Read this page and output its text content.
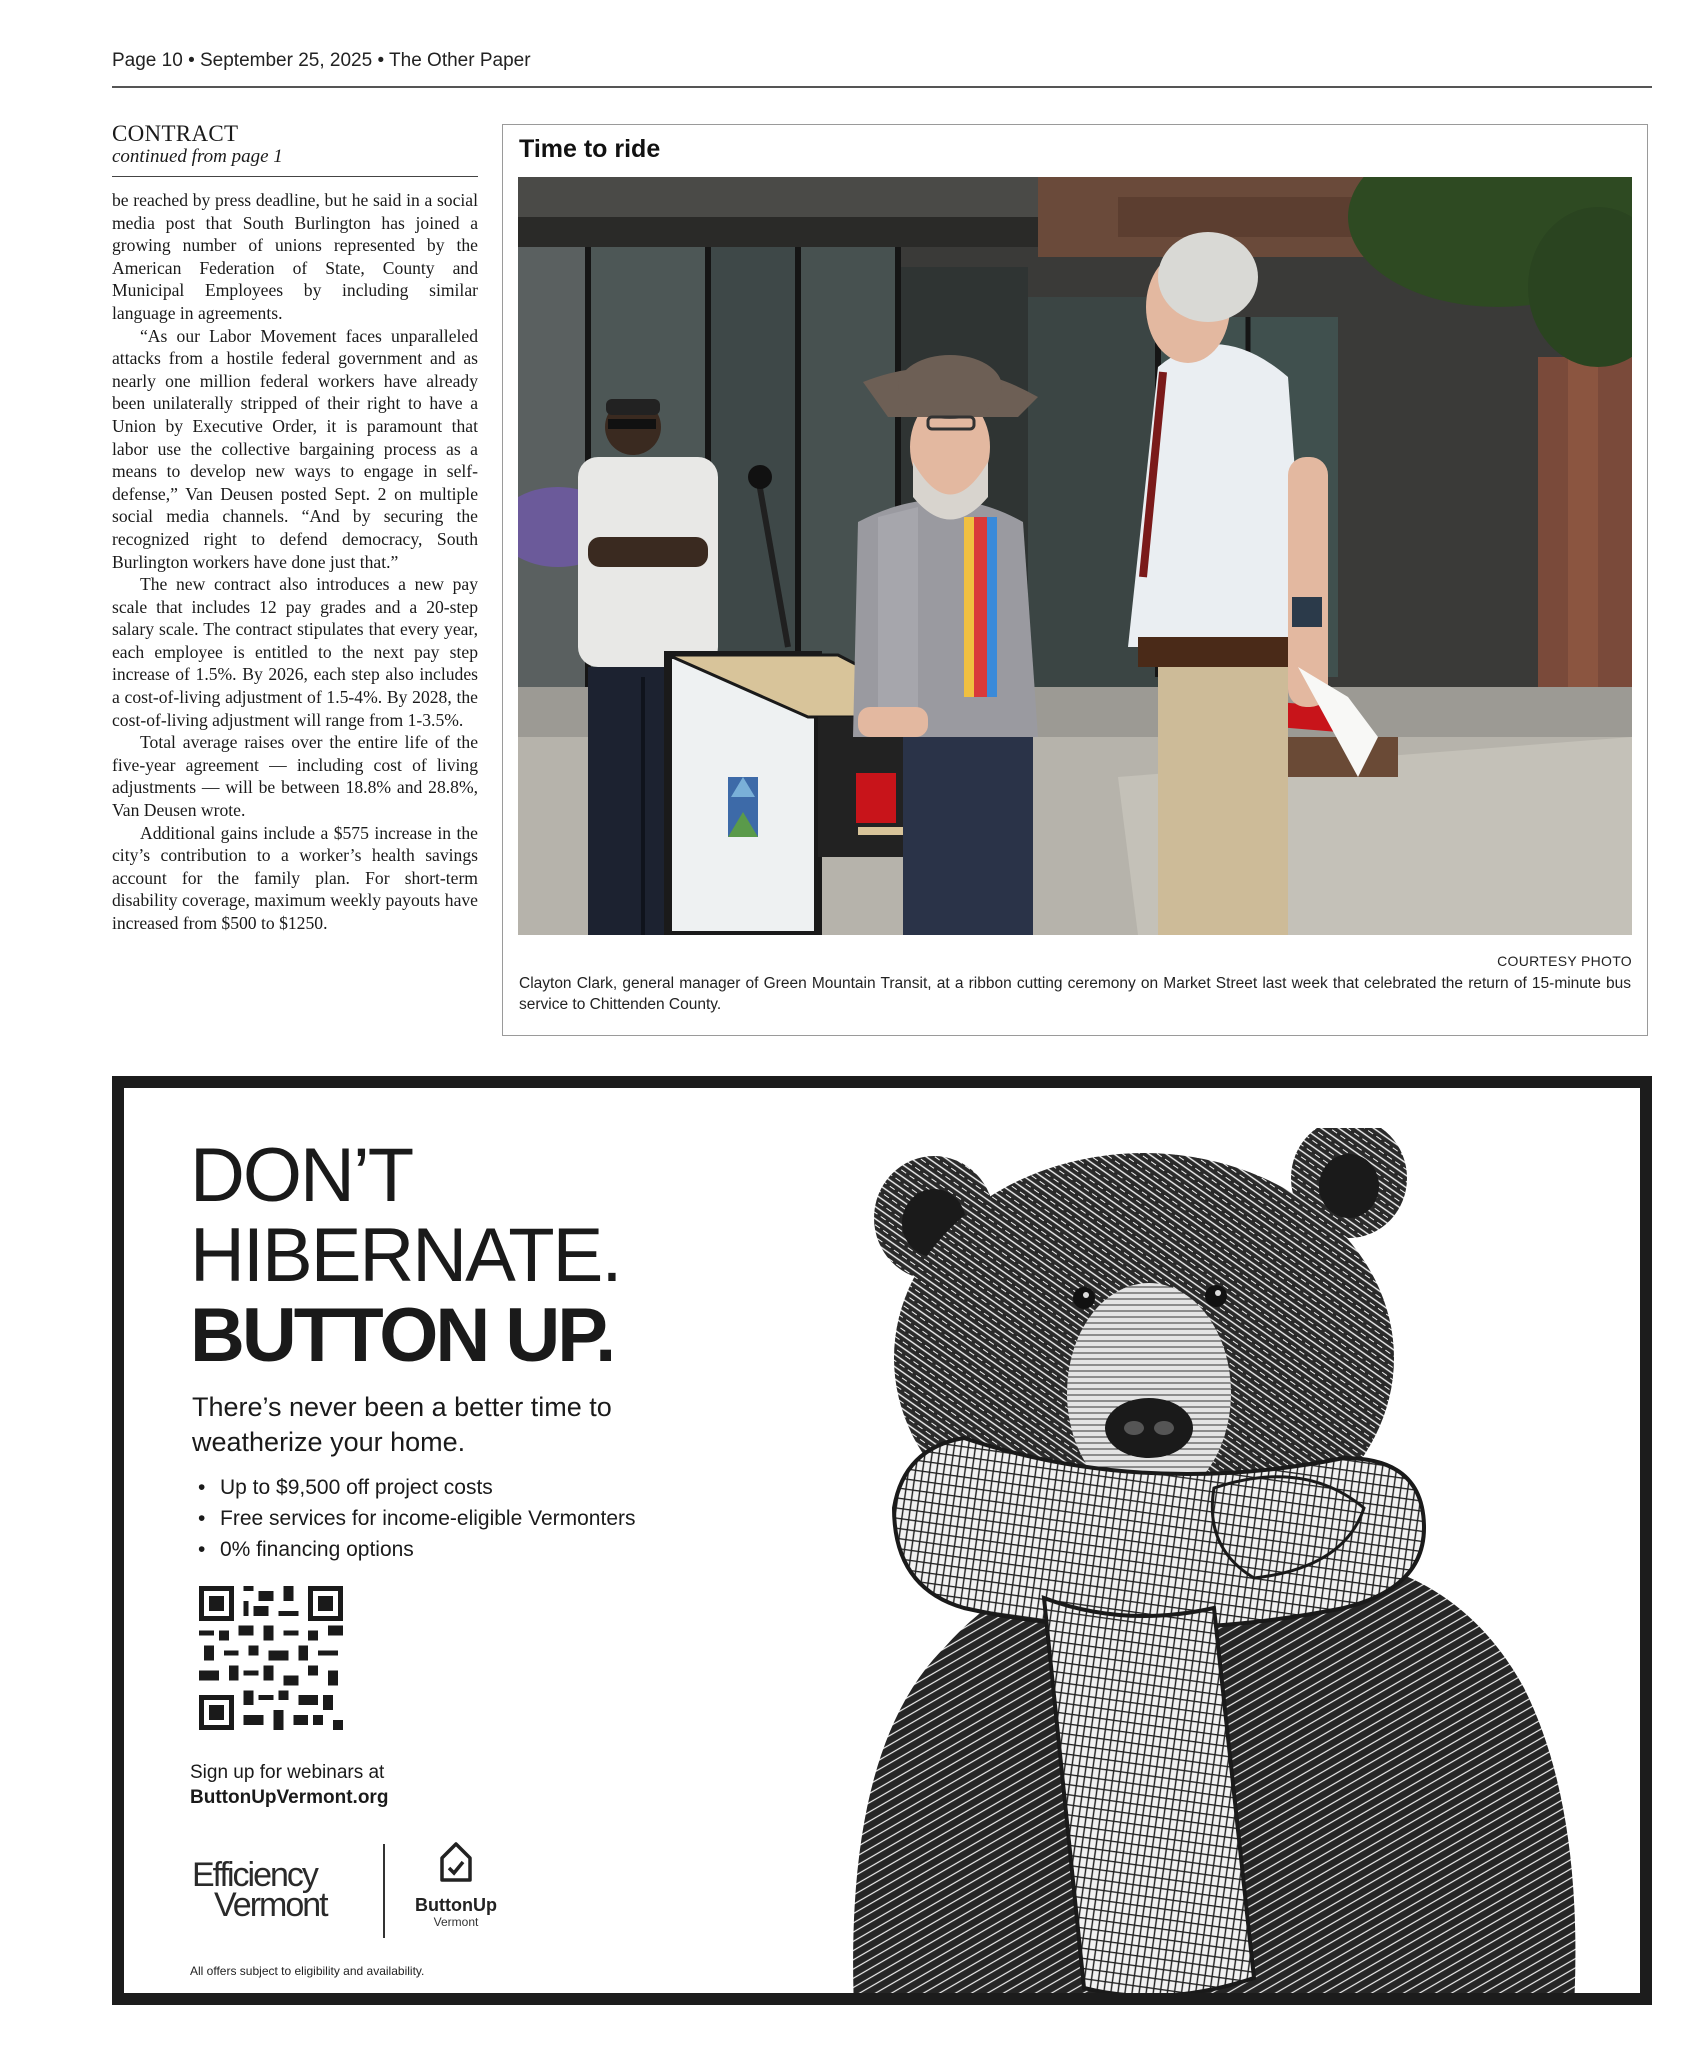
Page 10 • September 25, 2025 • The Other Paper
CONTRACT
continued from page 1

be reached by press deadline, but he said in a social media post that South Burlington has joined a growing number of unions represented by the American Federation of State, County and Municipal Employees by including similar language in agreements.

“As our Labor Movement faces unparalleled attacks from a hostile federal government and as nearly one million federal workers have already been unilaterally stripped of their right to have a Union by Executive Order, it is paramount that labor use the collective bargaining process as a means to develop new ways to engage in self-defense,” Van Deusen posted Sept. 2 on multiple social media channels. “And by securing the recognized right to defend democracy, South Burlington workers have done just that.”

The new contract also introduces a new pay scale that includes 12 pay grades and a 20-step salary scale. The contract stipulates that every year, each employee is entitled to the next pay step increase of 1.5%. By 2026, each step also includes a cost-of-living adjustment of 1.5-4%. By 2028, the cost-of-living adjustment will range from 1-3.5%.

Total average raises over the entire life of the five-year agreement — including cost of living adjustments — will be between 18.8% and 28.8%, Van Deusen wrote.

Additional gains include a $575 increase in the city’s contribution to a worker’s health savings account for the family plan. For short-term disability coverage, maximum weekly payouts have increased from $500 to $1250.

Time to ride
COURTESY PHOTO
Clayton Clark, general manager of Green Mountain Transit, at a ribbon cutting ceremony on Market Street last week that celebrated the return of 15-minute bus service to Chittenden County.
DON’T
HIBERNATE.
BUTTON UP.
There’s never been a better time to weatherize your home.
• Up to $9,500 off project costs
• Free services for income-eligible Vermonters
• 0% financing options
Sign up for webinars at
ButtonUpVermont.org
Efficiency
Vermont	ButtonUp
Vermont
All offers subject to eligibility and availability.
